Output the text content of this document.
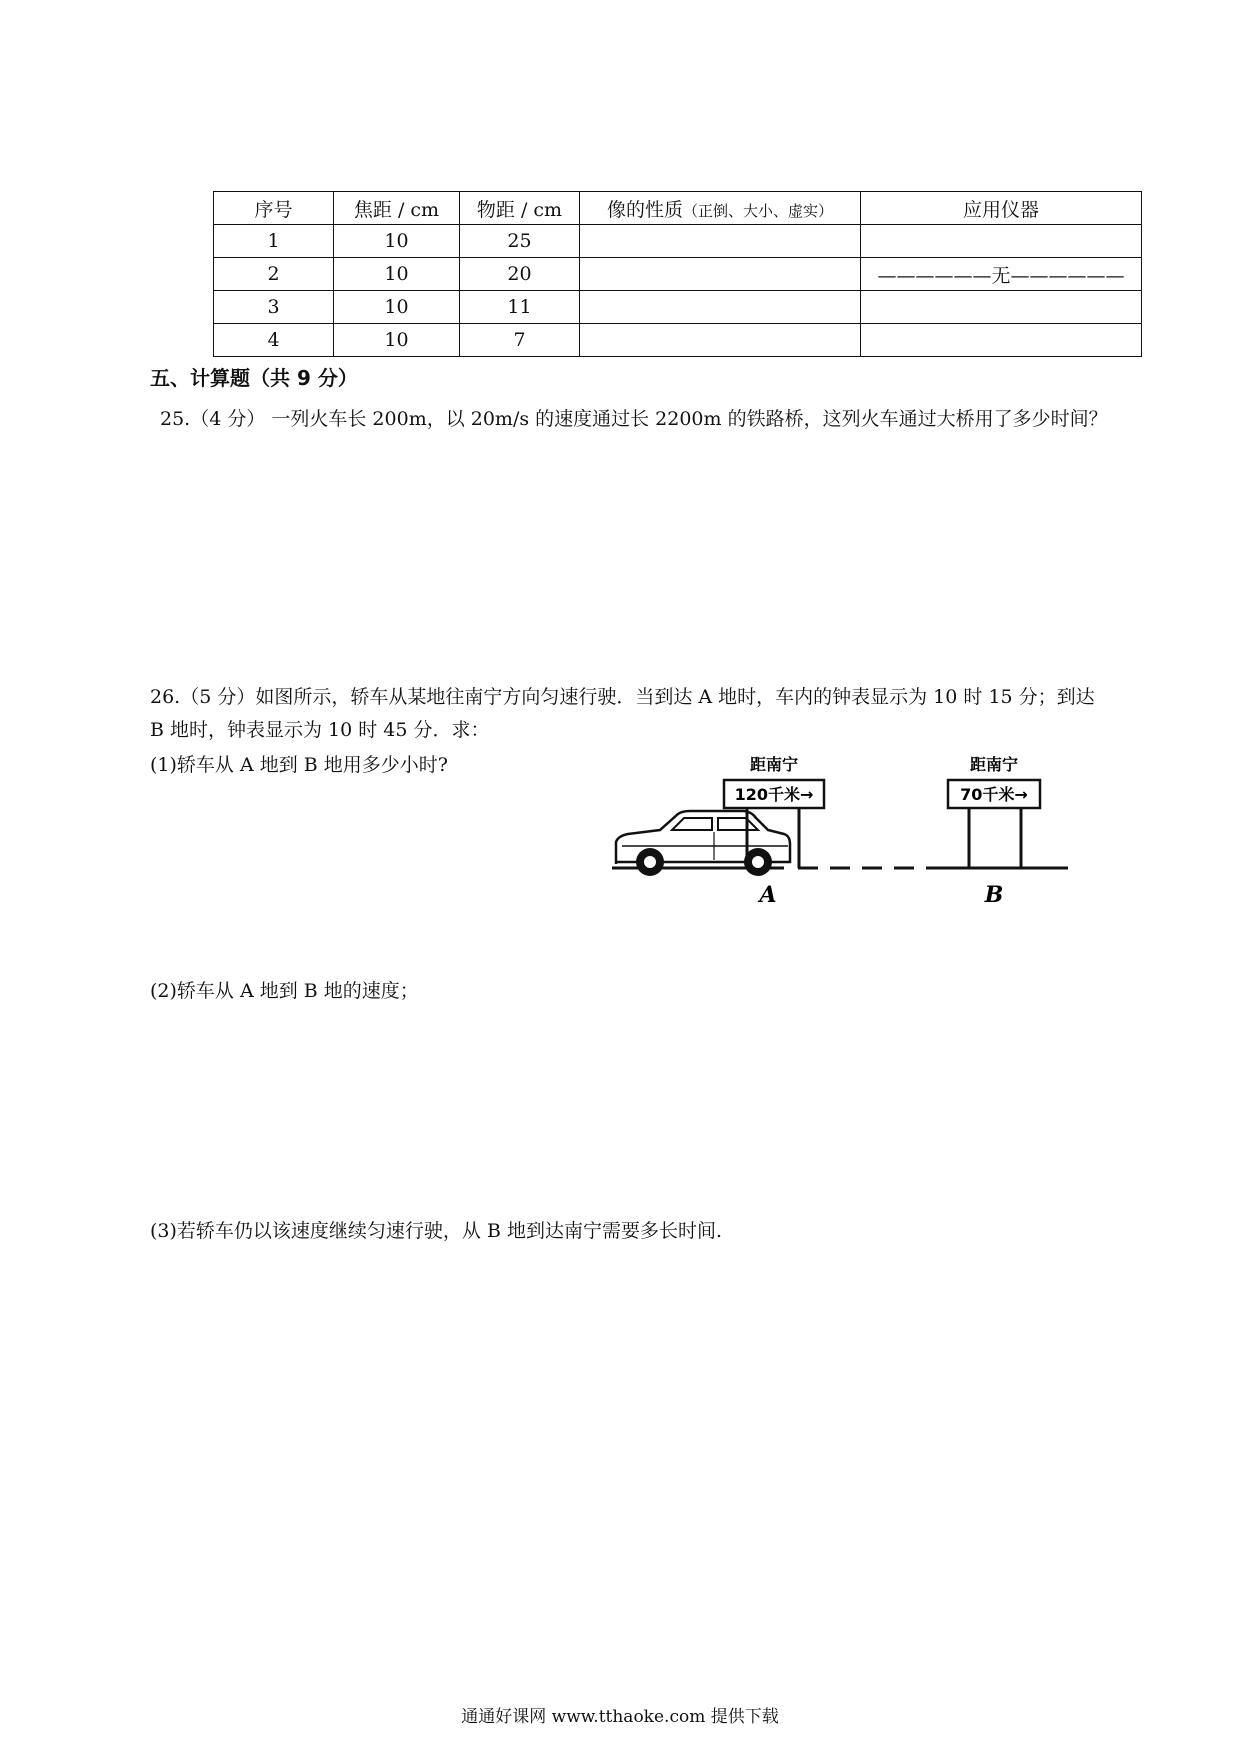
序号	焦距 / cm	物距 / cm	像的性质（正倒、大小、虚实）	应用仪器
1	10	25		
2	10	20		——————无——————
3	10	11		
4	10	7		
五、计算题（共 9 分）
25.（4 分） 一列火车长 200m，以 20m/s 的速度通过长 2200m 的铁路桥，这列火车通过大桥用了多少时间？
26.（5 分）如图所示，轿车从某地往南宁方向匀速行驶．当到达 A 地时，车内的钟表显示为 10 时 15 分；到达 B 地时，钟表显示为 10 时 45 分．求：
(1)轿车从 A 地到 B 地用多少小时?	距南宁
120千米→
A
距南宁
70千米→
B
(2)轿车从 A 地到 B 地的速度；
(3)若轿车仍以该速度继续匀速行驶，从 B 地到达南宁需要多长时间.
通通好课网 www.tthaoke.com 提供下载
